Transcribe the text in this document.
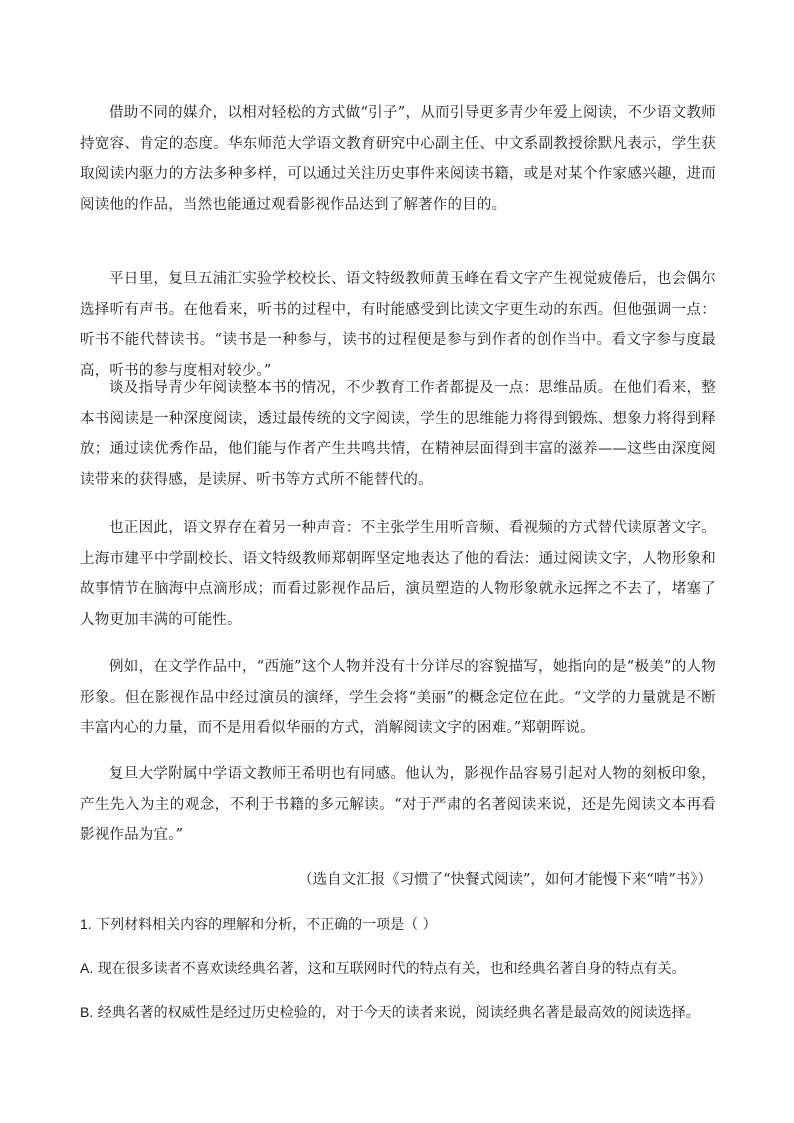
借助不同的媒介，以相对轻松的方式做“引子”，从而引导更多青少年爱上阅读，不少语文教师持宽容、肯定的态度。华东师范大学语文教育研究中心副主任、中文系副教授徐默凡表示，学生获取阅读内驱力的方法多种多样，可以通过关注历史事件来阅读书籍，或是对某个作家感兴趣，进而阅读他的作品，当然也能通过观看影视作品达到了解著作的目的。

平日里，复旦五浦汇实验学校校长、语文特级教师黄玉峰在看文字产生视觉疲倦后，也会偶尔选择听有声书。在他看来，听书的过程中，有时能感受到比读文字更生动的东西。但他强调一点：听书不能代替读书。“读书是一种参与，读书的过程便是参与到作者的创作当中。看文字参与度最高，听书的参与度相对较少。”

谈及指导青少年阅读整本书的情况，不少教育工作者都提及一点：思维品质。在他们看来，整本书阅读是一种深度阅读，透过最传统的文字阅读，学生的思维能力将得到锻炼、想象力将得到释放；通过读优秀作品，他们能与作者产生共鸣共情，在精神层面得到丰富的滋养——这些由深度阅读带来的获得感，是读屏、听书等方式所不能替代的。

也正因此，语文界存在着另一种声音：不主张学生用听音频、看视频的方式替代读原著文字。上海市建平中学副校长、语文特级教师郑朝晖坚定地表达了他的看法：通过阅读文字，人物形象和故事情节在脑海中点滴形成；而看过影视作品后，演员塑造的人物形象就永远挥之不去了，堵塞了人物更加丰满的可能性。

例如，在文学作品中，“西施”这个人物并没有十分详尽的容貌描写，她指向的是“极美”的人物形象。但在影视作品中经过演员的演绎，学生会将“美丽”的概念定位在此。“文学的力量就是不断丰富内心的力量，而不是用看似华丽的方式，消解阅读文字的困难。”郑朝晖说。

复旦大学附属中学语文教师王希明也有同感。他认为，影视作品容易引起对人物的刻板印象，产生先入为主的观念，不利于书籍的多元解读。“对于严肃的名著阅读来说，还是先阅读文本再看影视作品为宜。”

（选自文汇报《习惯了“快餐式阅读”，如何才能慢下来“啃”书》）

1. 下列材料相关内容的理解和分析，不正确的一项是（ ）

A. 现在很多读者不喜欢读经典名著，这和互联网时代的特点有关，也和经典名著自身的特点有关。

B. 经典名著的权威性是经过历史检验的，对于今天的读者来说，阅读经典名著是最高效的阅读选择。
